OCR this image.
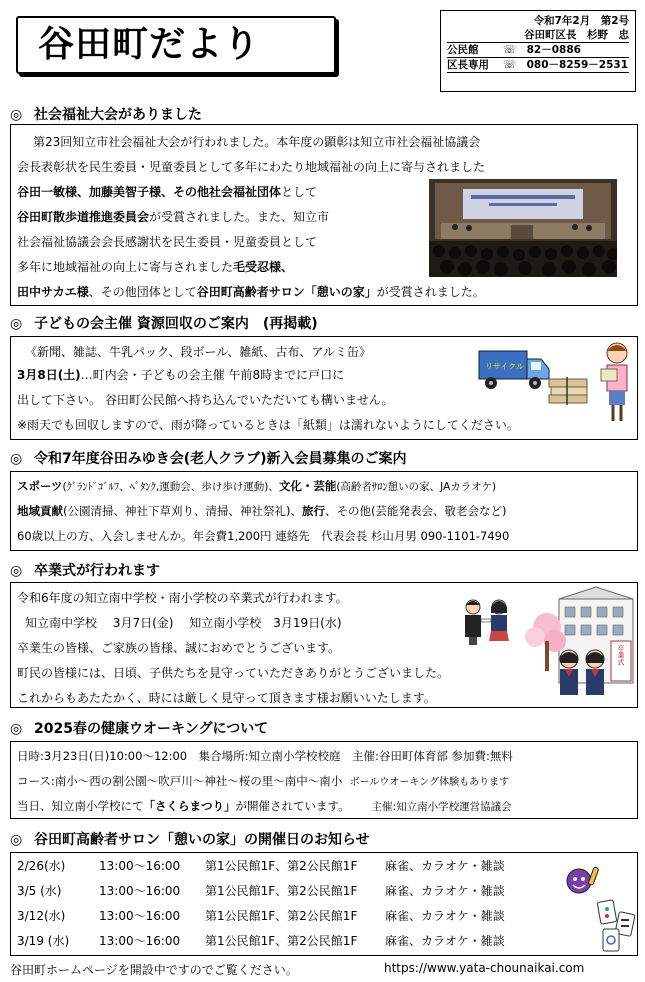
谷田町だより
令和7年2月　第2号
谷田町区長　杉野　忠
公民館	☏　82－0886
区長専用	☏　080－8259－2531
◎ 社会福祉大会がありました
第23回知立市社会福祉大会が行われました。本年度の顕彰は知立市社会福祉協議会
会長表彰状を民生委員・児童委員として多年にわたり地域福祉の向上に寄与されました
谷田一敏様、加藤美智子様、その他社会福祉団体として
谷田町散歩道推進委員会が受賞されました。また、知立市
社会福祉協議会会長感謝状を民生委員・児童委員として
多年に地域福祉の向上に寄与されました毛受忍様、
田中サカエ様、その他団体として谷田町高齢者サロン「憩いの家」が受賞されました。
◎ 子どもの会主催 資源回収のご案内　(再掲載)
《新聞、雑誌、牛乳パック、段ボール、雑紙、古布、アルミ缶》
3月8日(土)…町内会・子どもの会主催 午前8時までに戸口に
出して下さい。 谷田町公民館へ持ち込んでいただいても構いません。
※雨天でも回収しますので、雨が降っているときは「紙類」は濡れないようにしてください。
リサイクル
◎ 令和7年度谷田みゆき会(老人クラブ)新入会員募集のご案内
スポーツ(ｸﾞﾗﾝﾄﾞｺﾞﾙﾌ、ﾍﾟﾀﾝｸ,運動会、歩け歩け運動)、文化・芸能(高齢者ｻﾛﾝ憩いの家、JAカラオケ)
地域貢献(公園清掃、神社下草刈り、清掃、神社祭礼)、旅行、その他(芸能発表会、敬老会など)
60歳以上の方、入会しませんか。年会費1,200円 連絡先　代表会長 杉山月男 090-1101-7490
◎ 卒業式が行われます
令和6年度の知立南中学校・南小学校の卒業式が行われます。
知立南中学校　 3月7日(金)　 知立南小学校　3月19日(水)
卒業生の皆様、ご家族の皆様、誠におめでとうございます。
町民の皆様には、日頃、子供たちを見守っていただきありがとうございました。
これからもあたたかく、時には厳しく見守って頂きます様お願いいたします。
卒業式
◎ 2025春の健康ウオーキングについて
日時:3月23日(日)10:00～12:00　集合場所:知立南小学校校庭　主催:谷田町体育部 参加費:無料
コース:南小～西の割公園～吹戸川～神社～桜の里～南中～南小 ボールウオーキング体験もあります
当日、知立南小学校にて「さくらまつり」が開催されています。 主催:知立南小学校運営協議会
◎ 谷田町高齢者サロン「憩いの家」の開催日のお知らせ
2/26(水)	13:00～16:00 第1公民館1F、第2公民館1F 麻雀、カラオケ・雑談
3/5 (水)	13:00～16:00 第1公民館1F、第2公民館1F 麻雀、カラオケ・雑談
3/12(水)	13:00～16:00 第1公民館1F、第2公民館1F 麻雀、カラオケ・雑談
3/19 (水) 13:00～16:00 第1公民館1F、第2公民館1F 麻雀、カラオケ・雑談
谷田町ホームページを開設中ですのでご覧ください。	https://www.yata-chounaikai.com
